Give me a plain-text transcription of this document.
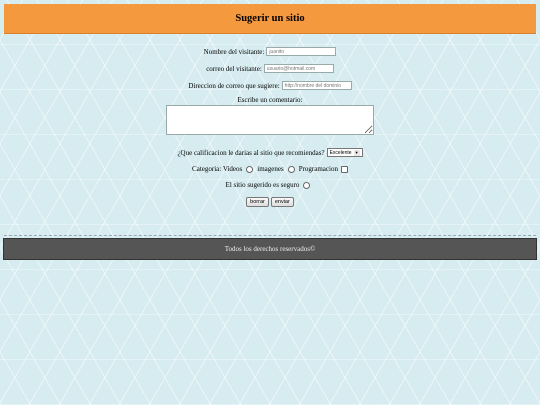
Sugerir un sitio
Nombre del visitante:	juanito
correo del visitante:	usuario@hotmail.com
Direccion de correo que sugiere:	http://nombre del dominio
Escribe un comentario:
¿Que calificacion le darias al sitio que recomiendas? Excelente ▼
Categoria: Videos imagenes Programacion
El sitio sugerido es seguro
borrar	enviar
Todos los derechos reservados©
